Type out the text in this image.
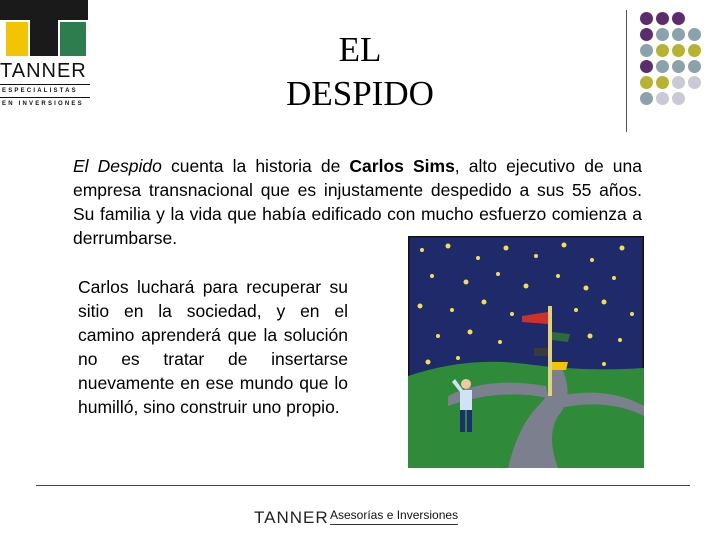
TANNER
ESPECIALISTAS
EN INVERSIONES
EL
DESPIDO
El Despido cuenta la historia de Carlos Sims, alto ejecutivo de una empresa transnacional que es injustamente despedido a sus 55 años. Su familia y la vida que había edificado con mucho esfuerzo comienza a derrumbarse.
Carlos luchará para recuperar su sitio en la sociedad, y en el camino aprenderá que la solución no es tratar de insertarse nuevamente en ese mundo que lo humilló, sino construir uno propio.
TANNER Asesorías e Inversiones
